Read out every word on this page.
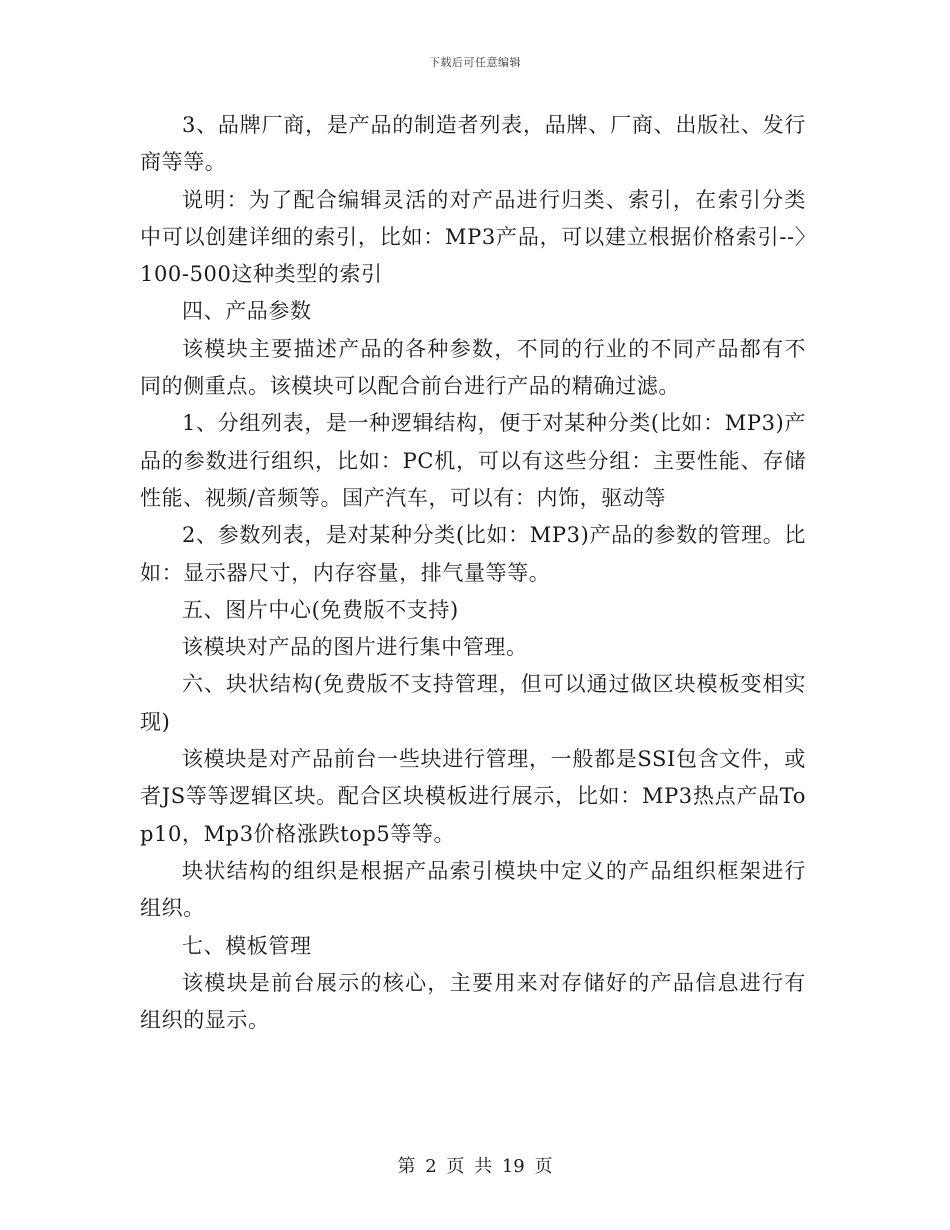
下载后可任意编辑

3、品牌厂商，是产品的制造者列表，品牌、厂商、出版社、发行商等等。

说明：为了配合编辑灵活的对产品进行归类、索引，在索引分类中可以创建详细的索引，比如：MP3产品，可以建立根据价格索引--〉100-500这种类型的索引

四、产品参数

该模块主要描述产品的各种参数，不同的行业的不同产品都有不同的侧重点。该模块可以配合前台进行产品的精确过滤。

1、分组列表，是一种逻辑结构，便于对某种分类(比如：MP3)产品的参数进行组织，比如：PC机，可以有这些分组：主要性能、存储性能、视频/音频等。国产汽车，可以有：内饰，驱动等

2、参数列表，是对某种分类(比如：MP3)产品的参数的管理。比如：显示器尺寸，内存容量，排气量等等。

五、图片中心(免费版不支持)

该模块对产品的图片进行集中管理。

六、块状结构(免费版不支持管理，但可以通过做区块模板变相实现)

该模块是对产品前台一些块进行管理，一般都是SSI包含文件，或者JS等等逻辑区块。配合区块模板进行展示，比如：MP3热点产品Top10，Mp3价格涨跌top5等等。

块状结构的组织是根据产品索引模块中定义的产品组织框架进行组织。

七、模板管理

该模块是前台展示的核心，主要用来对存储好的产品信息进行有组织的显示。

第 2 页 共 19 页
